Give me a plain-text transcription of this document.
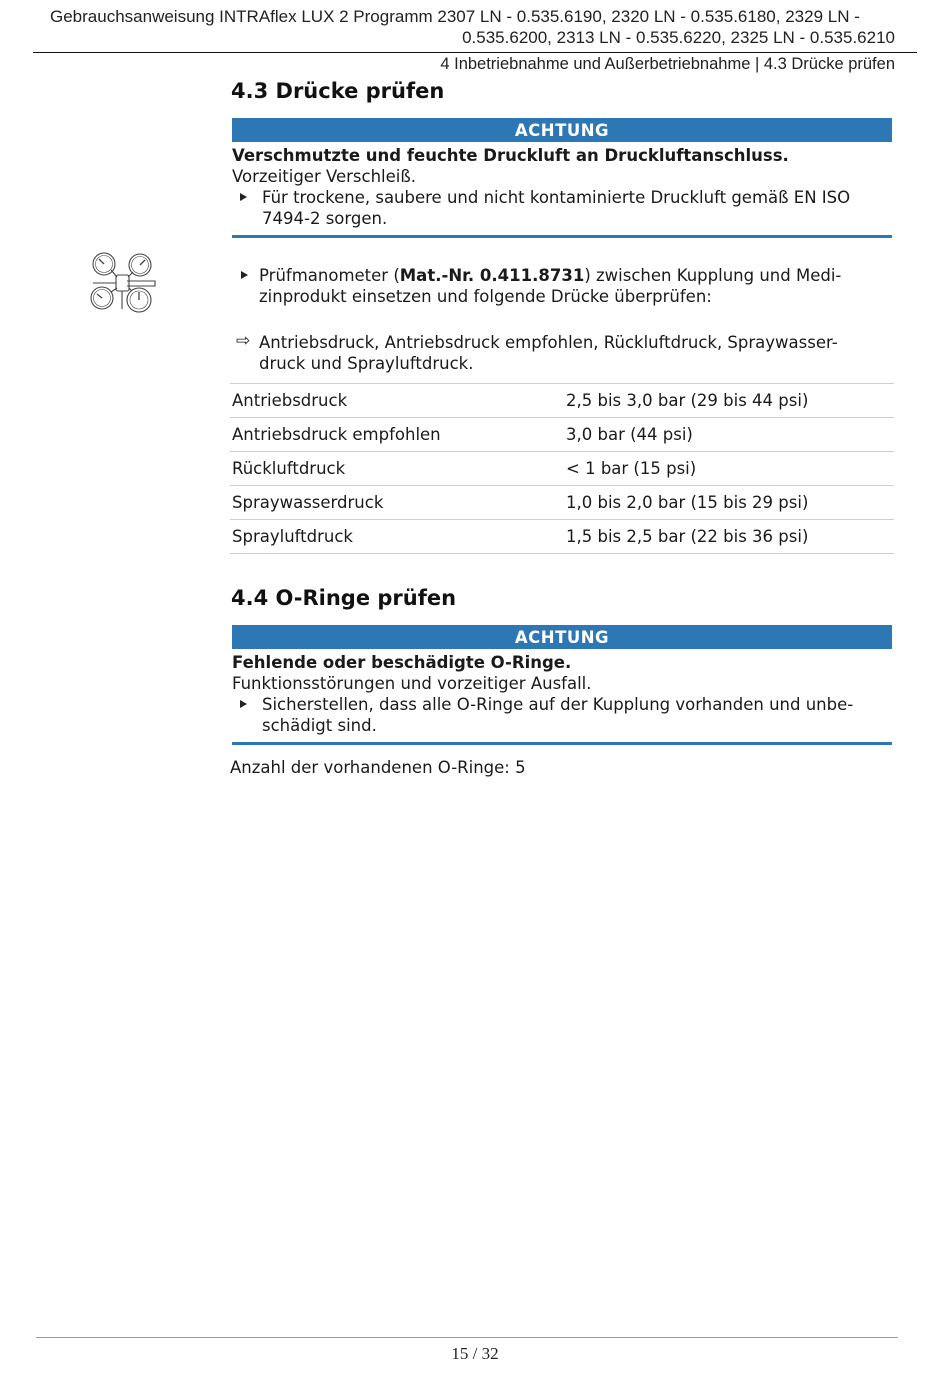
Gebrauchsanweisung INTRAflex LUX 2 Programm 2307 LN - 0.535.6190, 2320 LN - 0.535.6180, 2329 LN -
0.535.6200, 2313 LN - 0.535.6220, 2325 LN - 0.535.6210
4 Inbetriebnahme und Außerbetriebnahme | 4.3 Drücke prüfen
4.3 Drücke prüfen
ACHTUNG
Verschmutzte und feuchte Druckluft an Druckluftanschluss.
Vorzeitiger Verschleiß.
Für trockene, saubere und nicht kontaminierte Druckluft gemäß EN ISO
7494-2 sorgen.
Prüfmanometer (Mat.-Nr. 0.411.8731) zwischen Kupplung und Medi-
zinprodukt einsetzen und folgende Drücke überprüfen:
⇨ Antriebsdruck, Antriebsdruck empfohlen, Rückluftdruck, Spraywasser-
druck und Sprayluftdruck.
Antriebsdruck	2,5 bis 3,0 bar (29 bis 44 psi)
Antriebsdruck empfohlen	3,0 bar (44 psi)
Rückluftdruck	< 1 bar (15 psi)
Spraywasserdruck	1,0 bis 2,0 bar (15 bis 29 psi)
Sprayluftdruck	1,5 bis 2,5 bar (22 bis 36 psi)
4.4 O-Ringe prüfen
ACHTUNG
Fehlende oder beschädigte O-Ringe.
Funktionsstörungen und vorzeitiger Ausfall.
Sicherstellen, dass alle O-Ringe auf der Kupplung vorhanden und unbe-
schädigt sind.
Anzahl der vorhandenen O-Ringe: 5
15 / 32
